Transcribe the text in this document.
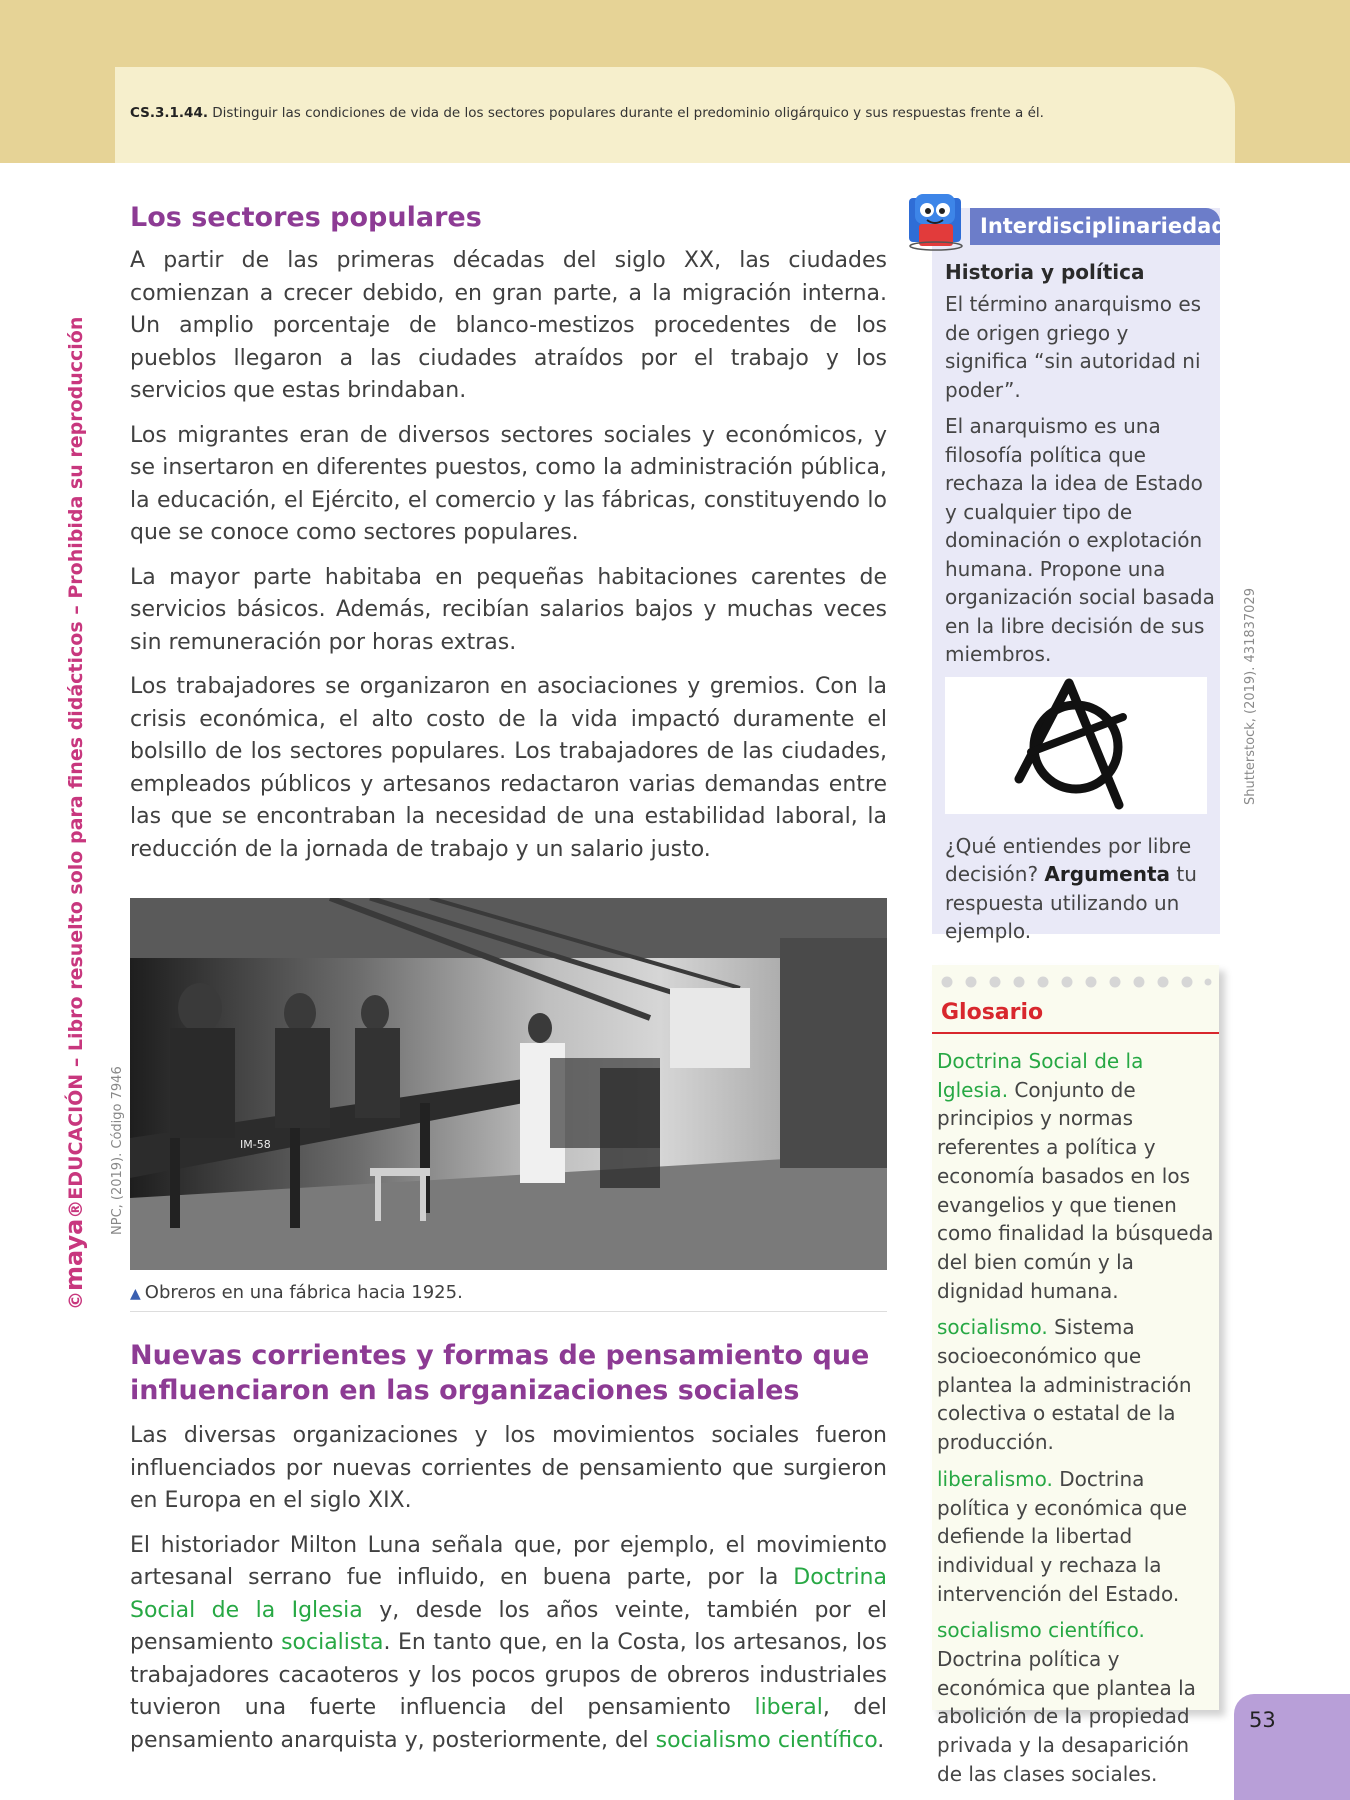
CS.3.1.44. Distinguir las condiciones de vida de los sectores populares durante el predominio oligárquico y sus respuestas frente a él.
©maya®EDUCACIÓN – Libro resuelto solo para fines didácticos – Prohibida su reproducción NPC, (2019). Código 7946
Los sectores populares

A partir de las primeras décadas del siglo XX, las ciudades comienzan a crecer debido, en gran parte, a la migración interna. Un amplio porcentaje de blanco-mestizos procedentes de los pueblos llegaron a las ciudades atraídos por el trabajo y los servicios que estas brindaban.

Los migrantes eran de diversos sectores sociales y económicos, y se insertaron en diferentes puestos, como la administración pública, la educación, el Ejército, el comercio y las fábricas, constituyendo lo que se conoce como sectores populares.

La mayor parte habitaba en pequeñas habitaciones carentes de servicios básicos. Además, recibían salarios bajos y muchas veces sin remuneración por horas extras.

Los trabajadores se organizaron en asociaciones y gremios. Con la crisis económica, el alto costo de la vida impactó duramente el bolsillo de los sectores populares. Los trabajadores de las ciudades, empleados públicos y artesanos redactaron varias demandas entre las que se encontraban la necesidad de una estabilidad laboral, la reducción de la jornada de trabajo y un salario justo.

IM-58
▲ Obreros en una fábrica hacia 1925.
Nuevas corrientes y formas de pensamiento que influenciaron en las organizaciones sociales

Las diversas organizaciones y los movimientos sociales fueron influenciados por nuevas corrientes de pensamiento que surgieron en Europa en el siglo XIX.

El historiador Milton Luna señala que, por ejemplo, el movimiento artesanal serrano fue influido, en buena parte, por la Doctrina Social de la Iglesia y, desde los años veinte, también por el pensamiento socialista. En tanto que, en la Costa, los artesanos, los trabajadores cacaoteros y los pocos grupos de obreros industriales tuvieron una fuerte influencia del pensamiento liberal, del pensamiento anarquista y, posteriormente, del socialismo científico.

Interdisciplinariedad
Historia y política

El término anarquismo es de origen griego y significa “sin autoridad ni poder”.

El anarquismo es una filosofía política que rechaza la idea de Estado y cualquier tipo de dominación o explotación humana. Propone una organización social basada en la libre decisión de sus miembros.

¿Qué entiendes por libre decisión? Argumenta tu respuesta utilizando un ejemplo.

Shutterstock, (2019). 431837029
Glosario

Doctrina Social de la Iglesia. Conjunto de principios y normas referentes a política y economía basados en los evangelios y que tienen como finalidad la búsqueda del bien común y la dignidad humana.

socialismo. Sistema socioeconómico que plantea la administración colectiva o estatal de la producción.

liberalismo. Doctrina política y económica que defiende la libertad individual y rechaza la intervención del Estado.

socialismo científico. Doctrina política y económica que plantea la abolición de la propiedad privada y la desaparición de las clases sociales.

53
